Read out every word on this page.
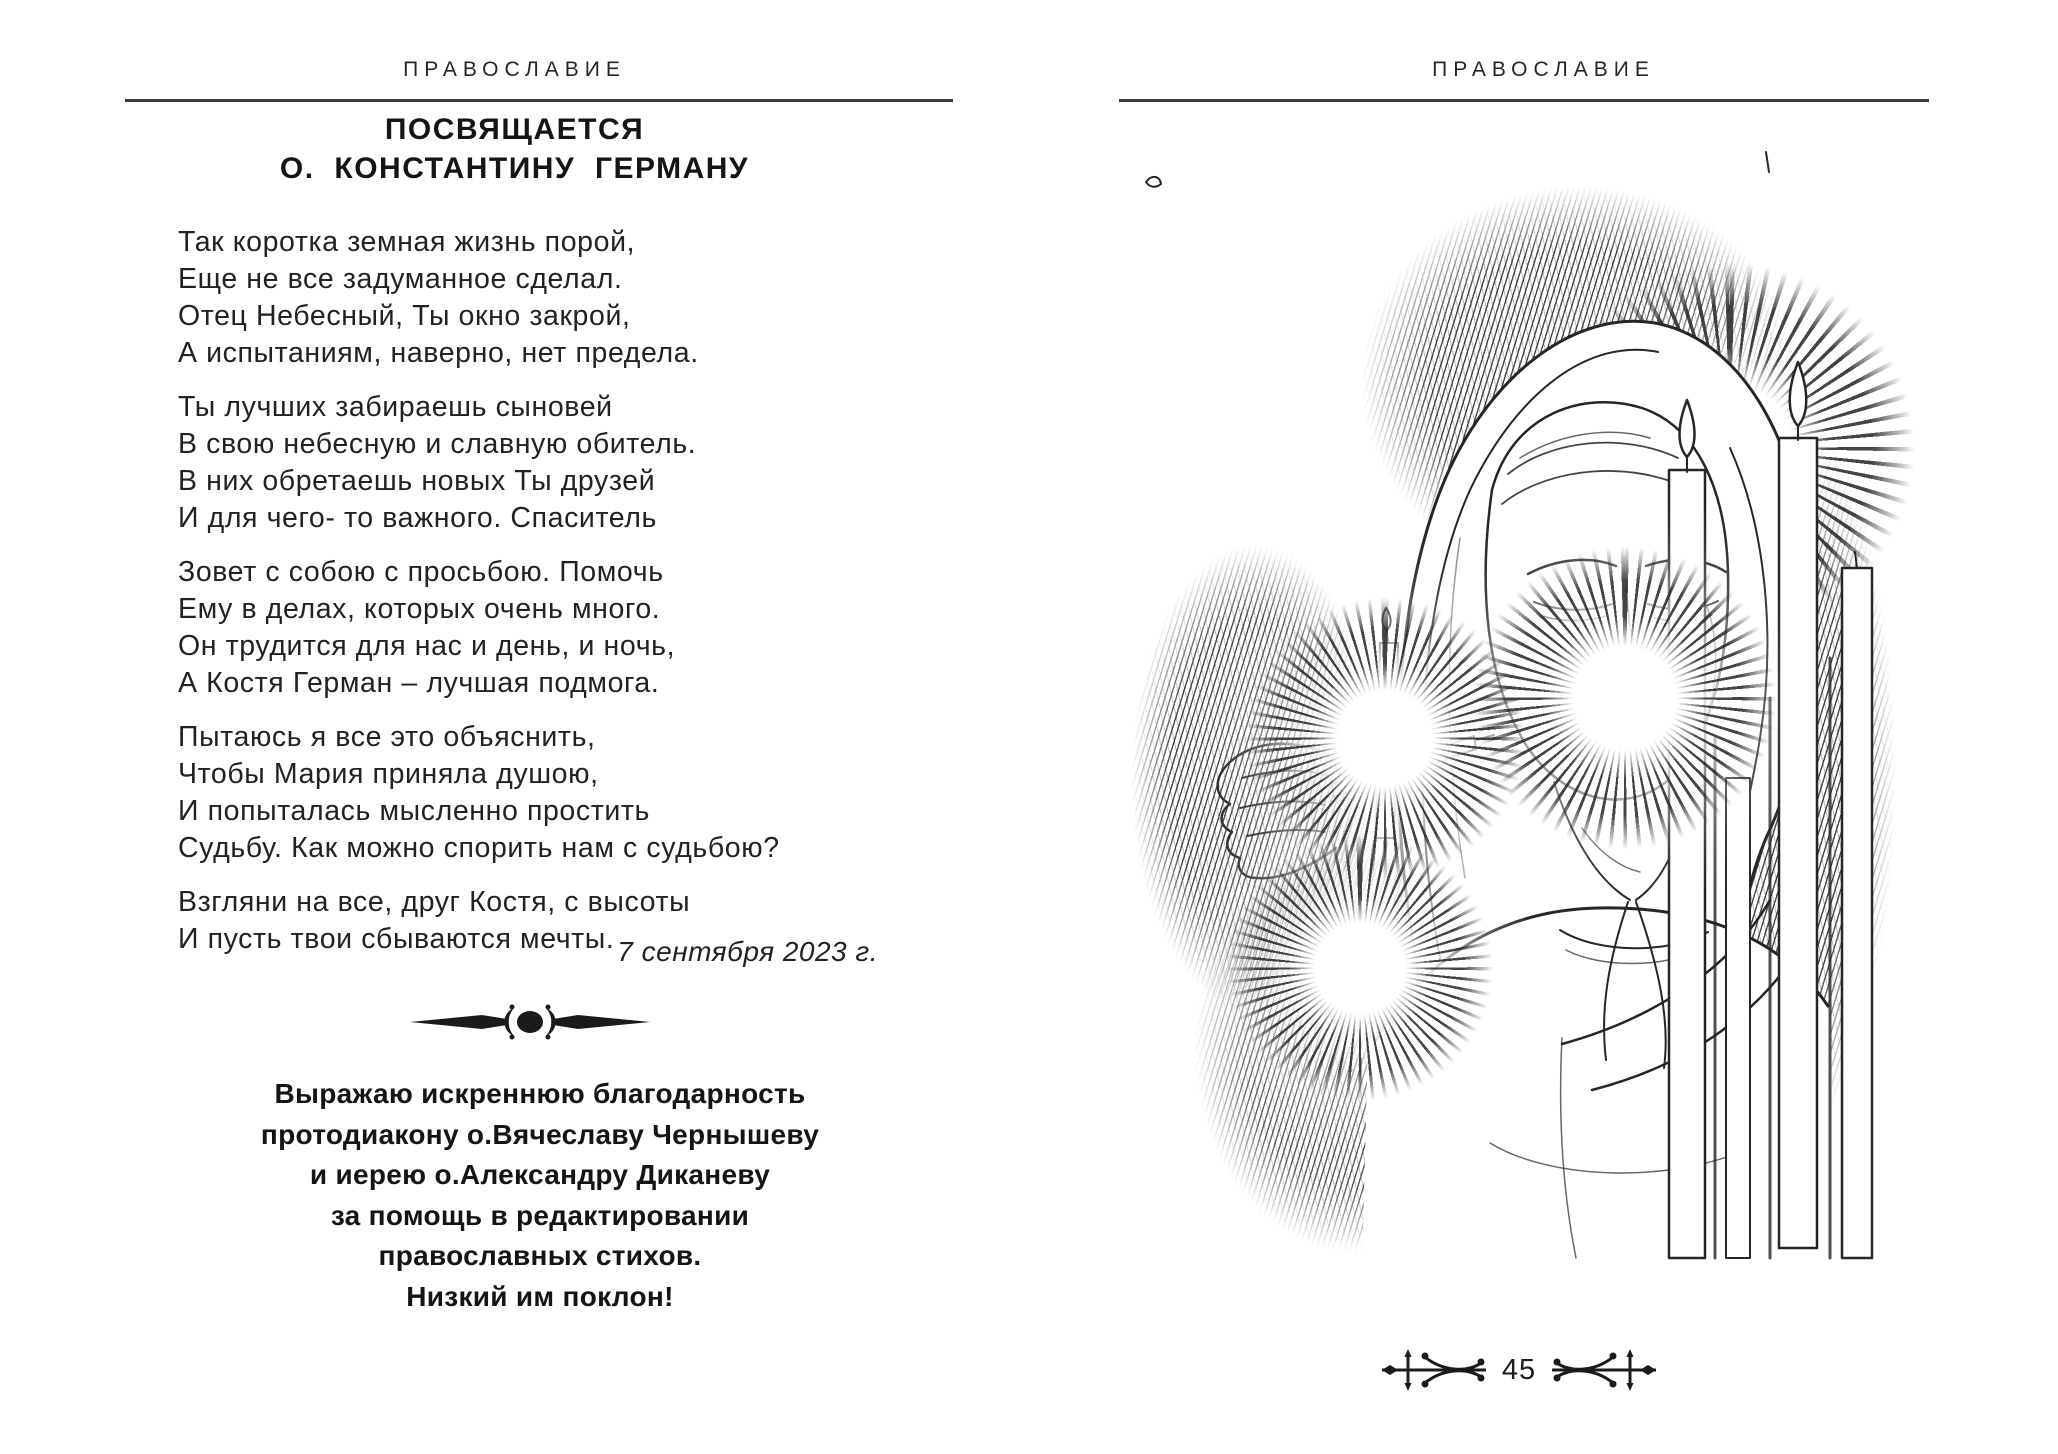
ПРАВОСЛАВИЕ
ПОСВЯЩАЕТСЯ
О. КОНСТАНТИНУ ГЕРМАНУ
Так коротка земная жизнь порой,
Еще не все задуманное сделал.
Отец Небесный, Ты окно закрой,
А испытаниям, наверно, нет предела.
Ты лучших забираешь сыновей
В свою небесную и славную обитель.
В них обретаешь новых Ты друзей
И для чего- то важного. Спаситель
Зовет с собою с просьбою. Помочь
Ему в делах, которых очень много.
Он трудится для нас и день, и ночь,
А Костя Герман – лучшая подмога.
Пытаюсь я все это объяснить,
Чтобы Мария приняла душою,
И попыталась мысленно простить
Судьбу. Как можно спорить нам с судьбою?
Взгляни на все, друг Костя, с высоты
И пусть твои сбываются мечты. 7 сентября 2023 г.
Выражаю искреннюю благодарность
протодиакону о.Вячеславу Чернышеву
и иерею о.Александру Диканеву
за помощь в редактировании
православных стихов.
Низкий им поклон!
ПРАВОСЛАВИЕ
45
